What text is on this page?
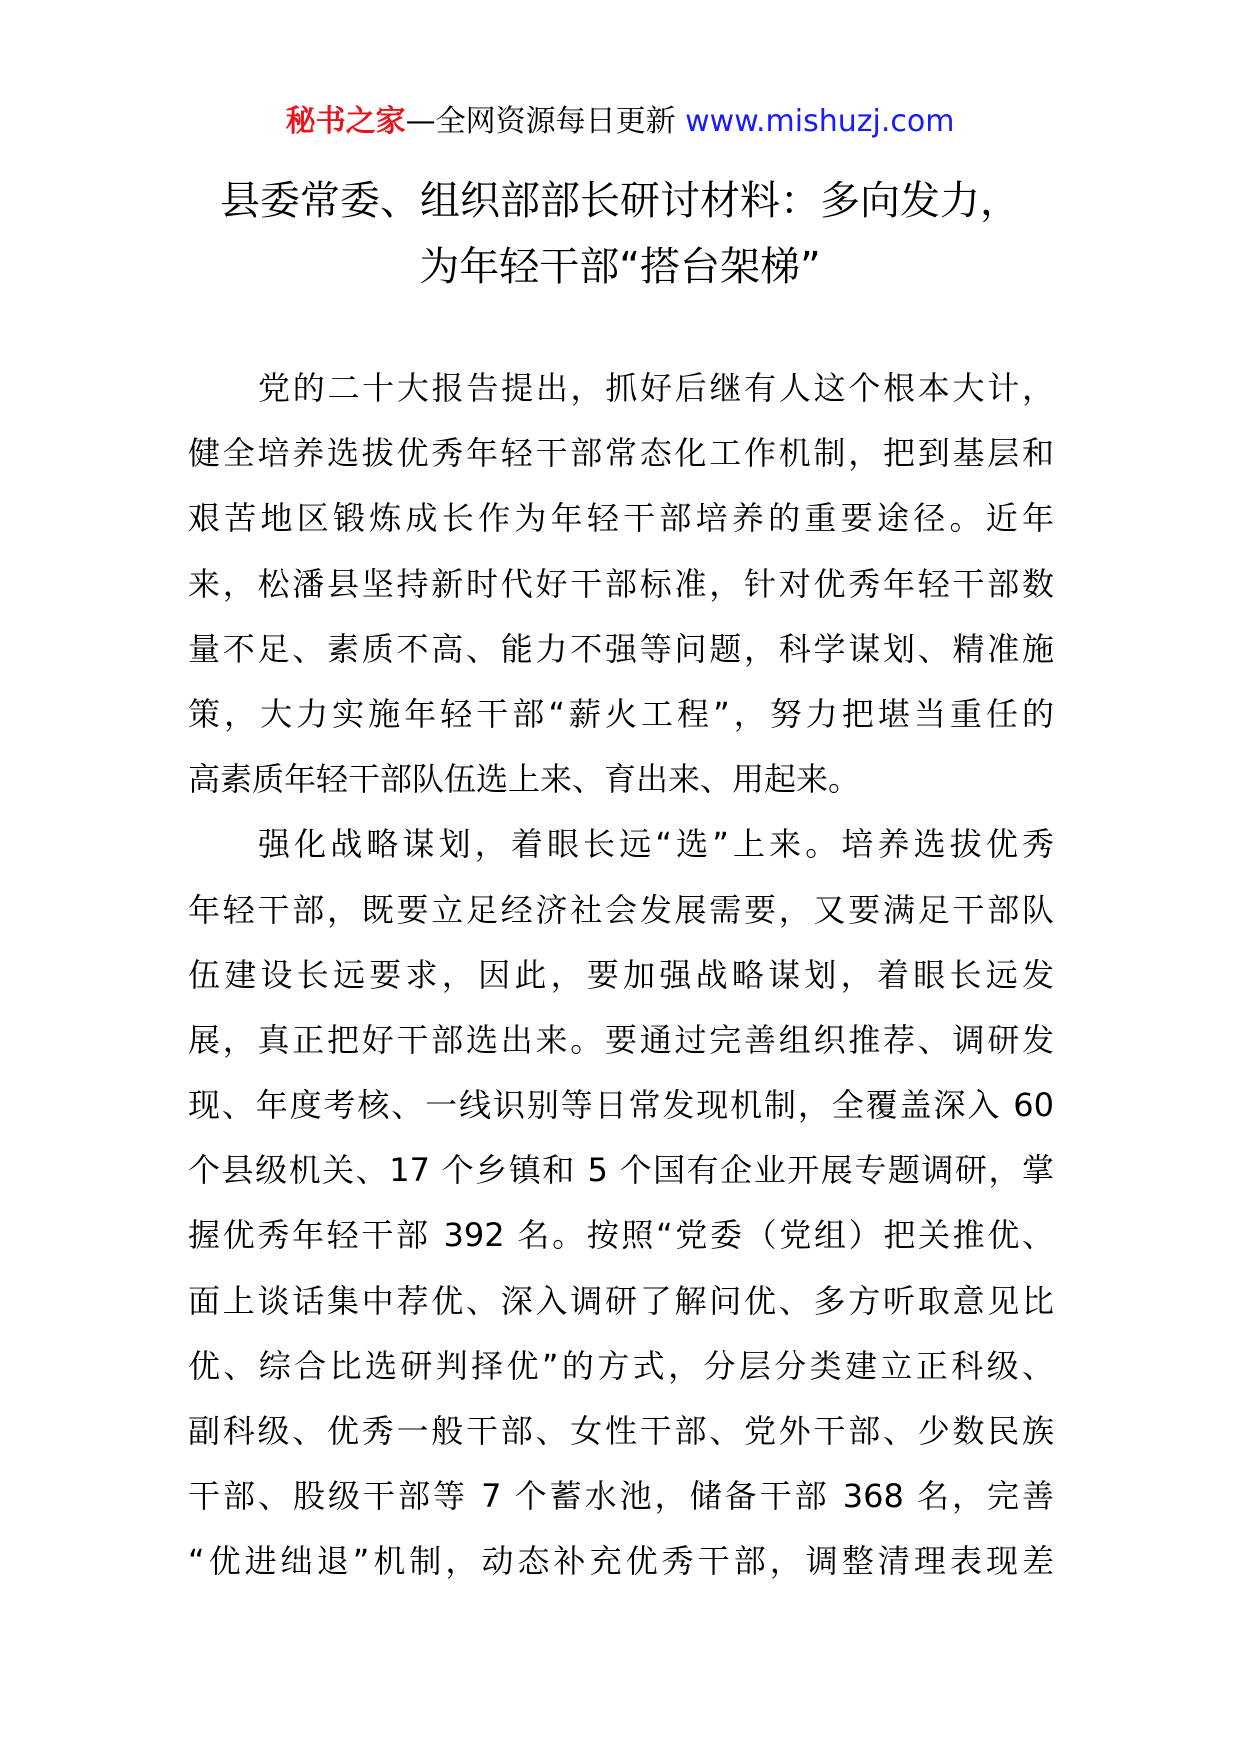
秘书之家—全网资源每日更新 www.mishuzj.com
县委常委、组织部部长研讨材料：多向发力，
为年轻干部“搭台架梯”

党的二十大报告提出，抓好后继有人这个根本大计，
健全培养选拔优秀年轻干部常态化工作机制，把到基层和
艰苦地区锻炼成长作为年轻干部培养的重要途径。近年
来，松潘县坚持新时代好干部标准，针对优秀年轻干部数
量不足、素质不高、能力不强等问题，科学谋划、精准施
策，大力实施年轻干部“薪火工程”，努力把堪当重任的
高素质年轻干部队伍选上来、育出来、用起来。

强化战略谋划，着眼长远“选”上来。培养选拔优秀
年轻干部，既要立足经济社会发展需要，又要满足干部队
伍建设长远要求，因此，要加强战略谋划，着眼长远发
展，真正把好干部选出来。要通过完善组织推荐、调研发
现、年度考核、一线识别等日常发现机制，全覆盖深入 60
个县级机关、17 个乡镇和 5 个国有企业开展专题调研，掌
握优秀年轻干部 392 名。按照“党委（党组）把关推优、
面上谈话集中荐优、深入调研了解问优、多方听取意见比
优、综合比选研判择优”的方式，分层分类建立正科级、
副科级、优秀一般干部、女性干部、党外干部、少数民族
干部、股级干部等 7 个蓄水池，储备干部 368 名，完善
“优进绌退”机制，动态补充优秀干部，调整清理表现差
